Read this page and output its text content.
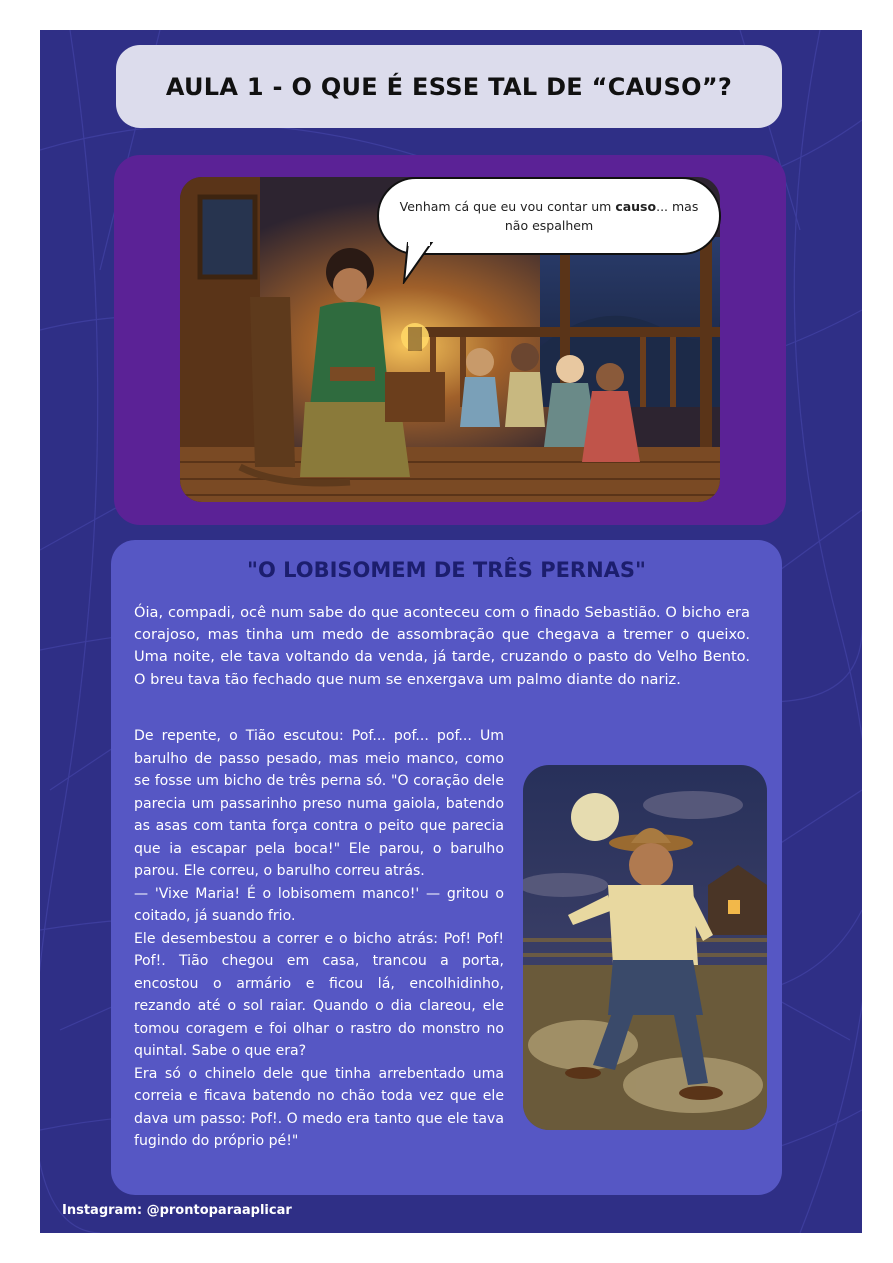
AULA 1 - O QUE É ESSE TAL DE “CAUSO”?
Venham cá que eu vou contar um causo... mas não espalhem
"O LOBISOMEM DE TRÊS PERNAS"

Óia, compadi, ocê num sabe do que aconteceu com o finado Sebastião. O bicho era corajoso, mas tinha um medo de assombração que chegava a tremer o queixo. Uma noite, ele tava voltando da venda, já tarde, cruzando o pasto do Velho Bento. O breu tava tão fechado que num se enxergava um palmo diante do nariz.

De repente, o Tião escutou: Pof... pof... pof... Um barulho de passo pesado, mas meio manco, como se fosse um bicho de três perna só. "O coração dele parecia um passarinho preso numa gaiola, batendo as asas com tanta força contra o peito que parecia que ia escapar pela boca!" Ele parou, o barulho parou. Ele correu, o barulho correu atrás.
— 'Vixe Maria! É o lobisomem manco!' — gritou o coitado, já suando frio.
Ele desembestou a correr e o bicho atrás: Pof! Pof! Pof!. Tião chegou em casa, trancou a porta, encostou o armário e ficou lá, encolhidinho, rezando até o sol raiar. Quando o dia clareou, ele tomou coragem e foi olhar o rastro do monstro no quintal. Sabe o que era?
Era só o chinelo dele que tinha arrebentado uma correia e ficava batendo no chão toda vez que ele dava um passo: Pof!. O medo era tanto que ele tava fugindo do próprio pé!"

Instagram: @prontoparaaplicar
